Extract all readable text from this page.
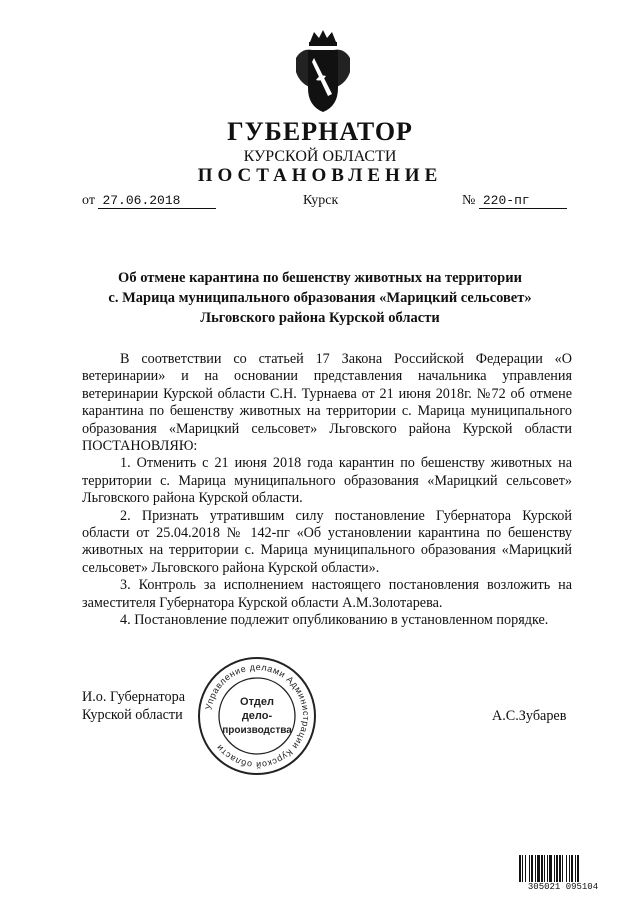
ГУБЕРНАТОР
КУРСКОЙ ОБЛАСТИ
ПОСТАНОВЛЕНИЕ
от 27.06.2018	Курск	№ 220-пг
Об отмене карантина по бешенству животных на территории
с. Марица муниципального образования «Марицкий сельсовет»
Льговского района Курской области

В соответствии со статьей 17 Закона Российской Федерации «О ветеринарии» и на основании представления начальника управления ветеринарии Курской области С.Н. Турнаева от 21 июня 2018г. №72 об отмене карантина по бешенству животных на территории с. Марица муниципального образования «Марицкий сельсовет» Льговского района Курской области ПОСТАНОВЛЯЮ:

1. Отменить с 21 июня 2018 года карантин по бешенству животных на территории с. Марица муниципального образования «Марицкий сельсовет» Льговского района Курской области.

2. Признать утратившим силу постановление Губернатора Курской области от 25.04.2018 № 142-пг «Об установлении карантина по бешенству животных на территории с. Марица муниципального образования «Марицкий сельсовет» Льговского района Курской области».

3. Контроль за исполнением настоящего постановления возложить на заместителя Губернатора Курской области А.М.Золотарева.

4. Постановление подлежит опубликованию в установленном порядке.

И.о. Губернатора
Курской области	А.С.Зубарев
Управление делами Администрации Курской области
Отдел
дело-
производства
305021 095104
